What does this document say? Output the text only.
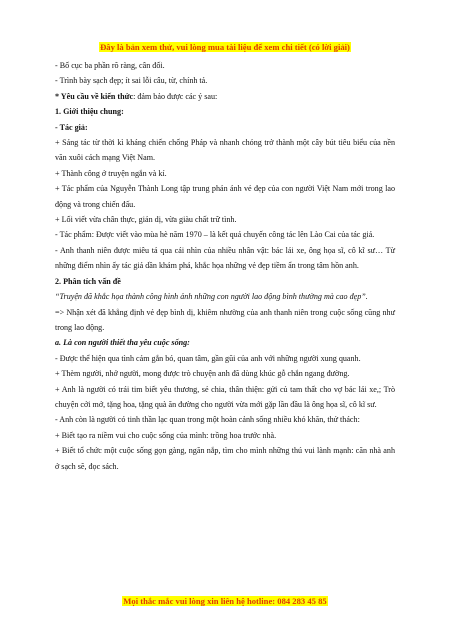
Đây là bản xem thử, vui lòng mua tài liệu để xem chi tiết (có lời giải)

- Bố cục ba phần rõ ràng, cân đối.

- Trình bày sạch đẹp; ít sai lỗi câu, từ, chính tả.

* Yêu cầu về kiến thức: đảm bảo được các ý sau:

1. Giới thiệu chung:

- Tác giả:

+ Sáng tác từ thời kì kháng chiến chống Pháp và nhanh chóng trở thành một cây bút tiêu biểu của nền văn xuôi cách mạng Việt Nam.

+ Thành công ở truyện ngắn và kí.

+ Tác phẩm của Nguyễn Thành Long tập trung phản ánh vẻ đẹp của con người Việt Nam mới trong lao động và trong chiến đấu.

+ Lối viết vừa chân thực, giản dị, vừa giàu chất trữ tình.

- Tác phẩm: Được viết vào mùa hè năm 1970 – là kết quả chuyến công tác lên Lào Cai của tác giả.

- Anh thanh niên được miêu tả qua cái nhìn của nhiều nhân vật: bác lái xe, ông họa sĩ, cô kĩ sư… Từ những điểm nhìn ấy tác giả dần khám phá, khắc họa những vẻ đẹp tiềm ẩn trong tâm hồn anh.

2. Phân tích vấn đề

“Truyện đã khắc họa thành công hình ảnh những con người lao động bình thường mà cao đẹp”.

=> Nhận xét đã khẳng định vẻ đẹp bình dị, khiêm nhường của anh thanh niên trong cuộc sống cũng như trong lao động.

a. Là con người thiết tha yêu cuộc sống:

- Được thể hiện qua tình cảm gắn bó, quan tâm, gần gũi của anh với những người xung quanh.

+ Thèm người, nhớ người, mong được trò chuyện anh đã dùng khúc gỗ chắn ngang đường.

+ Anh là người có trái tim biết yêu thương, sẻ chia, thân thiện: gửi củ tam thất cho vợ bác lái xe,; Trò chuyện cởi mở, tặng hoa, tặng quà ăn đường cho người vừa mới gặp lần đầu là ông họa sĩ, cô kĩ sư.

- Anh còn là người có tinh thần lạc quan trong một hoàn cảnh sống nhiều khó khăn, thử thách:

+ Biết tạo ra niềm vui cho cuộc sống của mình: trồng hoa trước nhà.

+ Biết tổ chức một cuộc sống gọn gàng, ngăn nắp, tìm cho mình những thú vui lành mạnh: căn nhà anh ở sạch sẽ, đọc sách.

Mọi thắc mắc vui lòng xin liên hệ hotline: 084 283 45 85
